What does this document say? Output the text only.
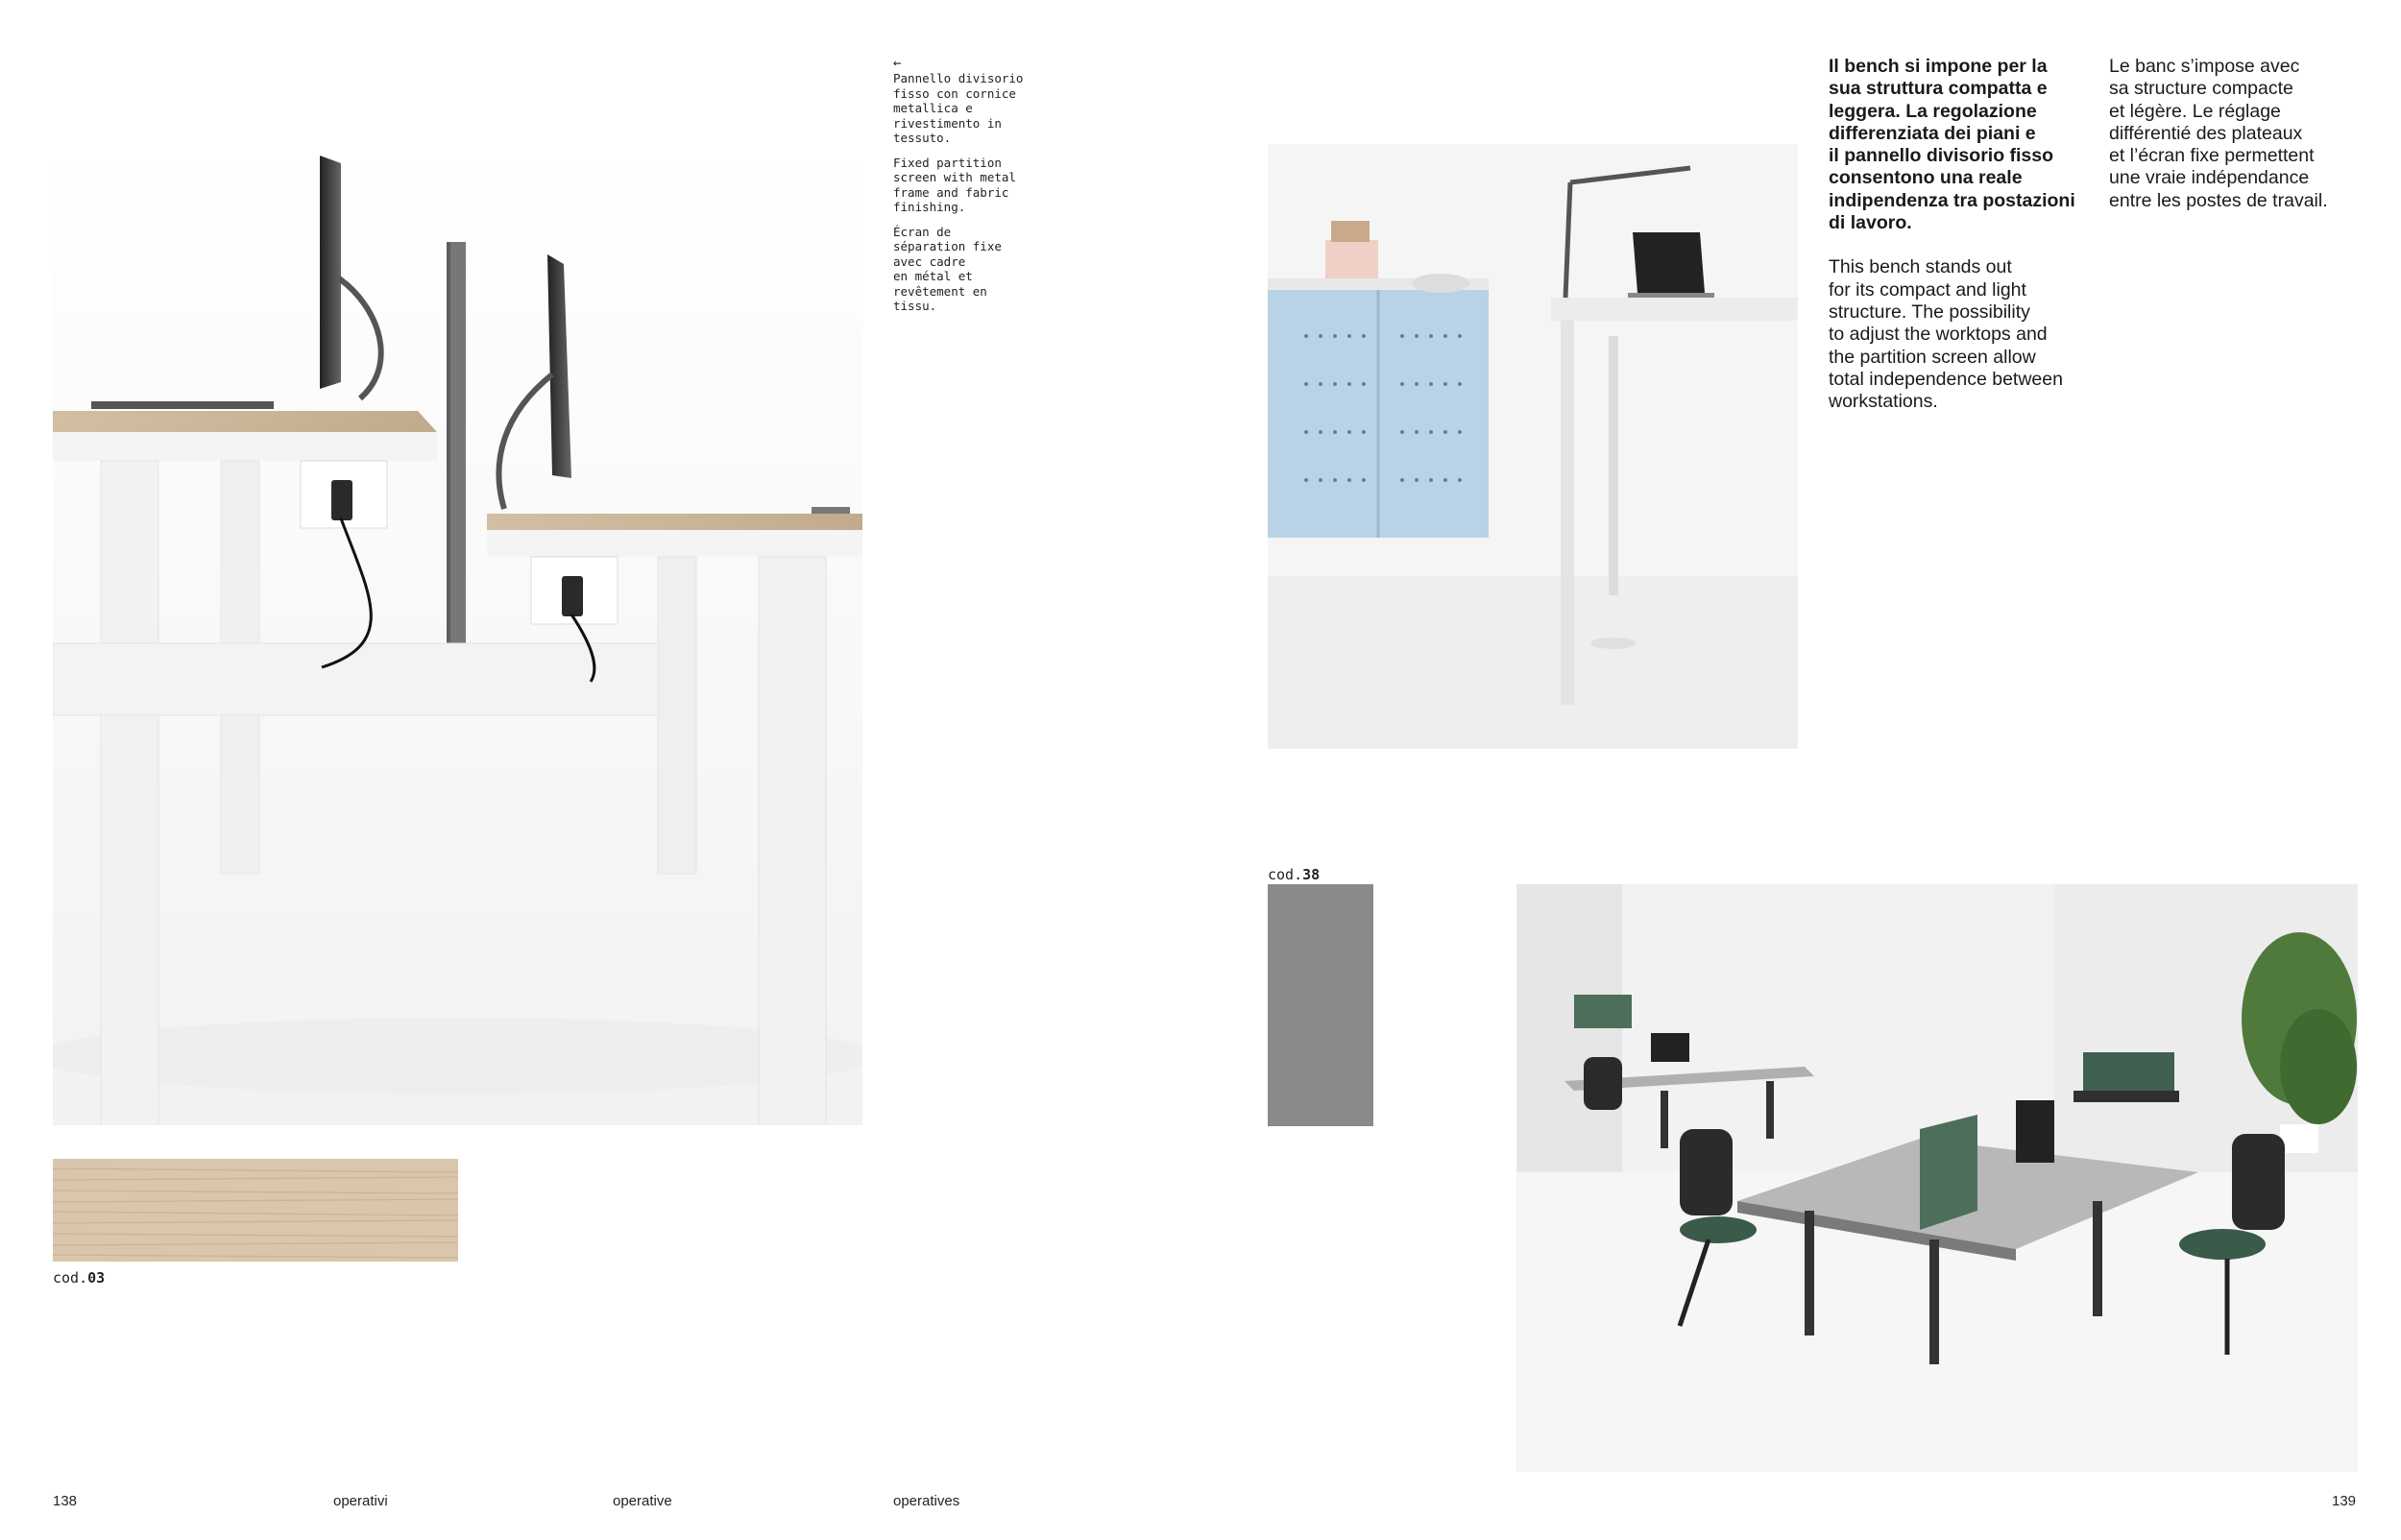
cod.03
←

Pannello divisorio
fisso con cornice
metallica e
rivestimento in
tessuto.

Fixed partition
screen with metal
frame and fabric
finishing.

Écran de
séparation fixe
avec cadre
en métal et
revêtement en
tissu.

Il bench si impone per la
sua struttura compatta e
leggera. La regolazione
differenziata dei piani e
il pannello divisorio fisso
consentono una reale
indipendenza tra postazioni
di lavoro.
This bench stands out
for its compact and light
structure. The possibility
to adjust the worktops and
the partition screen allow
total independence between
workstations.
Le banc s’impose avec
sa structure compacte
et légère. Le réglage
différentié des plateaux
et l’écran fixe permettent
une vraie indépendance
entre les postes de travail.
cod.38
138	operativi	operative	operatives	139
